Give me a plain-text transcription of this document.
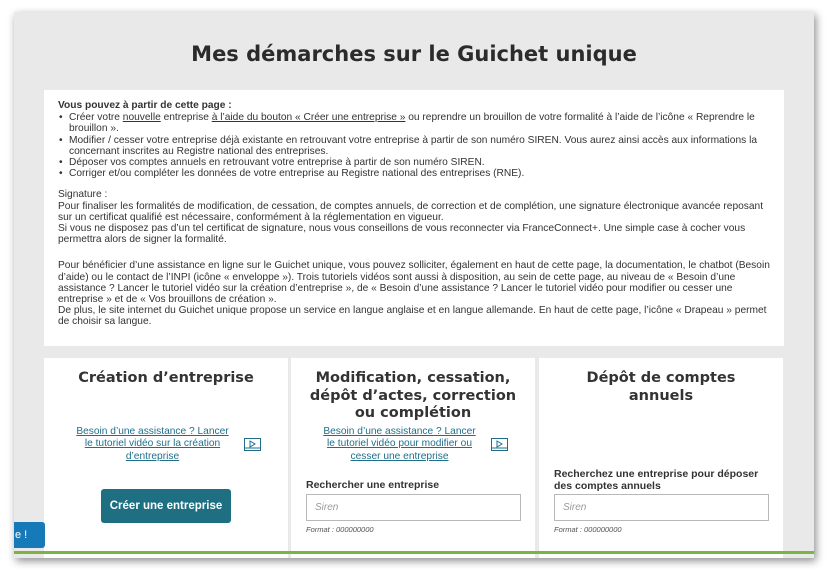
Mes démarches sur le Guichet unique

Vous pouvez à partir de cette page :

• Créer votre nouvelle entreprise à l’aide du bouton « Créer une entreprise » ou reprendre un brouillon de votre formalité à l’aide de l’icône « Reprendre le brouillon ».
• Modifier / cesser votre entreprise déjà existante en retrouvant votre entreprise à partir de son numéro SIREN. Vous aurez ainsi accès aux informations la concernant inscrites au Registre national des entreprises.
• Déposer vos comptes annuels en retrouvant votre entreprise à partir de son numéro SIREN.
• Corriger et/ou compléter les données de votre entreprise au Registre national des entreprises (RNE).

Signature :

Pour finaliser les formalités de modification, de cessation, de comptes annuels, de correction et de complétion, une signature électronique avancée reposant sur un certificat qualifié est nécessaire, conformément à la réglementation en vigueur.

Si vous ne disposez pas d’un tel certificat de signature, nous vous conseillons de vous reconnecter via FranceConnect+. Une simple case à cocher vous permettra alors de signer la formalité.

Pour bénéficier d’une assistance en ligne sur le Guichet unique, vous pouvez solliciter, également en haut de cette page, la documentation, le chatbot (Besoin d’aide) ou le contact de l’INPI (icône « enveloppe »). Trois tutoriels vidéos sont aussi à disposition, au sein de cette page, au niveau de « Besoin d’une assistance ? Lancer le tutoriel vidéo sur la création d’entreprise », de « Besoin d’une assistance ? Lancer le tutoriel vidéo pour modifier ou cesser une entreprise » et de « Vos brouillons de création ».

De plus, le site internet du Guichet unique propose un service en langue anglaise et en langue allemande. En haut de cette page, l’icône « Drapeau » permet de choisir sa langue.

Création d’entreprise
Besoin d’une assistance ? Lancer le tutoriel vidéo sur la création d’entreprise
Créer une entreprise
Modification, cessation, dépôt d’actes, correction ou complétion
Besoin d’une assistance ? Lancer le tutoriel vidéo pour modifier ou cesser une entreprise
Rechercher une entreprise
Siren
Format : 000000000
Dépôt de comptes annuels
Recherchez une entreprise pour déposer des comptes annuels
Siren
Format : 000000000
e !
